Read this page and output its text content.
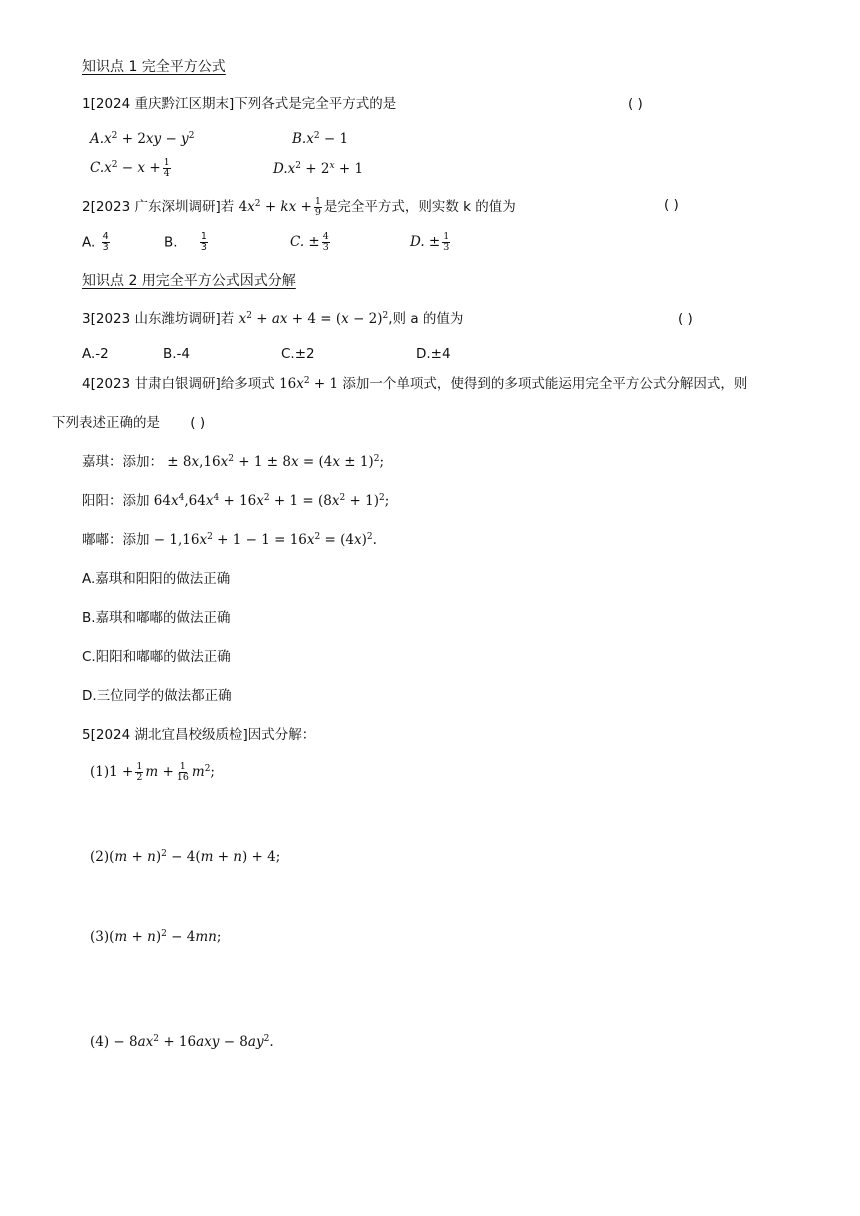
知识点 1 完全平方公式
1[2024 重庆黔江区期末]下列各式是完全平方式的是	( )
$A.x^2 + 2xy - y^2$	$B.x^2 - 1$
$C.x^2 - x + \frac{1}{4}$	$D.x^2 + 2^x + 1$
2[2023 广东深圳调研]若 $4x^2$ + kx + $\frac{1}{9}$ 是完全平方式，则实数 k 的值为	( )
A. $\frac{4}{3}$	B. $\frac{1}{3}$	C. ± $\frac{4}{3}$	D. ± $\frac{1}{3}$
知识点 2 用完全平方公式因式分解
3[2023 山东潍坊调研]若 $x^2$ + ax + $4 = (x - 2)^2$,则 a 的值为	( )
A.-2	B.-4	C.±2	D.±4
4[2023 甘肃白银调研]给多项式 $16x^2 + 1$ 添加一个单项式，使得到的多项式能运用完全平方公式分解因式，则
下列表述正确的是 ( )
嘉琪：添加： ± $8x,16x^2 + 1 \pm 8x = (4x \pm 1)^2$;
阳阳：添加 $64x^4,64x^4 + 16x^2 + 1 = (8x^2 + 1)^2$;
嘟嘟：添加 − $1,16x^2 + 1 - 1 = 16x^2 = (4x)^2$.
A.嘉琪和阳阳的做法正确
B.嘉琪和嘟嘟的做法正确
C.阳阳和嘟嘟的做法正确
D.三位同学的做法都正确
5[2024 湖北宜昌校级质检]因式分解：
$(1)1 + \frac{1}{2}$ $m + \frac{1}{16} m^2$;
$(2)(m + n)^2 - 4(m + n) + 4$;
$(3)(m + n)^2 - 4mn$;
$(4) - 8ax^2 + 16axy - 8ay^2$.
